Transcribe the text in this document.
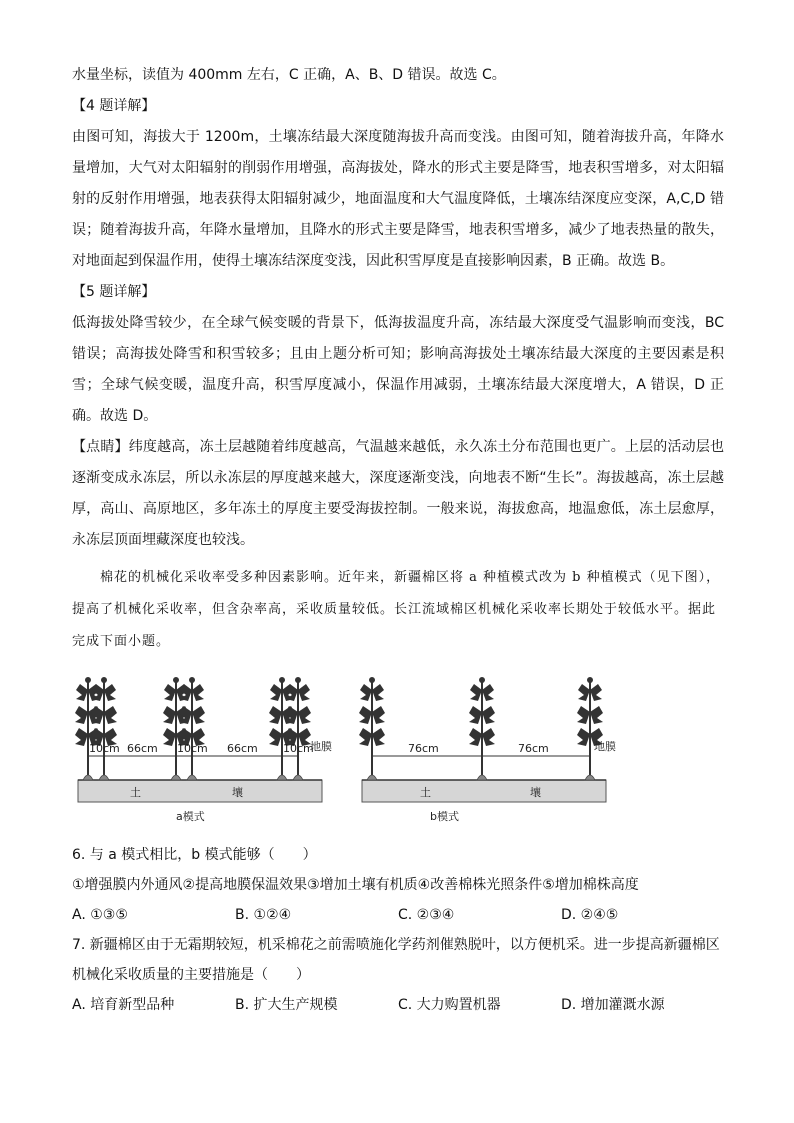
水量坐标，读值为 400mm 左右，C 正确，A、B、D 错误。故选 C。

【4 题详解】

由图可知，海拔大于 1200m，土壤冻结最大深度随海拔升高而变浅。由图可知，随着海拔升高，年降水量增加，大气对太阳辐射的削弱作用增强，高海拔处，降水的形式主要是降雪，地表积雪增多，对太阳辐射的反射作用增强，地表获得太阳辐射减少，地面温度和大气温度降低，土壤冻结深度应变深，A,C,D 错误；随着海拔升高，年降水量增加，且降水的形式主要是降雪，地表积雪增多，减少了地表热量的散失，对地面起到保温作用，使得土壤冻结深度变浅，因此积雪厚度是直接影响因素，B 正确。故选 B。

【5 题详解】

低海拔处降雪较少，在全球气候变暖的背景下，低海拔温度升高，冻结最大深度受气温影响而变浅，BC 错误；高海拔处降雪和积雪较多；且由上题分析可知；影响高海拔处土壤冻结最大深度的主要因素是积雪；全球气候变暖，温度升高，积雪厚度减小，保温作用减弱，土壤冻结最大深度增大，A 错误，D 正确。故选 D。

【点睛】纬度越高，冻土层越随着纬度越高，气温越来越低，永久冻土分布范围也更广。上层的活动层也逐渐变成永冻层，所以永冻层的厚度越来越大，深度逐渐变浅，向地表不断“生长”。海拔越高，冻土层越厚，高山、高原地区，多年冻土的厚度主要受海拔控制。一般来说，海拔愈高，地温愈低，冻土层愈厚，永冻层顶面埋藏深度也较浅。

棉花的机械化采收率受多种因素影响。近年来，新疆棉区将 a 种植模式改为 b 种植模式（见下图），提高了机械化采收率，但含杂率高，采收质量较低。长江流域棉区机械化采收率长期处于较低水平。据此完成下面小题。

10cm 66cm 10cm 66cm 10cm
地膜
土	壤
a模式
76cm	76cm	地膜
土	壤
b模式

6. 与 a 模式相比，b 模式能够（　　）

①增强膜内外通风②提高地膜保温效果③增加土壤有机质④改善棉株光照条件⑤增加棉株高度

A. ①③⑤	B. ①②④	C. ②③④	D. ②④⑤

7. 新疆棉区由于无霜期较短，机采棉花之前需喷施化学药剂催熟脱叶，以方便机采。进一步提高新疆棉区机械化采收质量的主要措施是（　　）

A. 培育新型品种	B. 扩大生产规模	C. 大力购置机器	D. 增加灌溉水源
